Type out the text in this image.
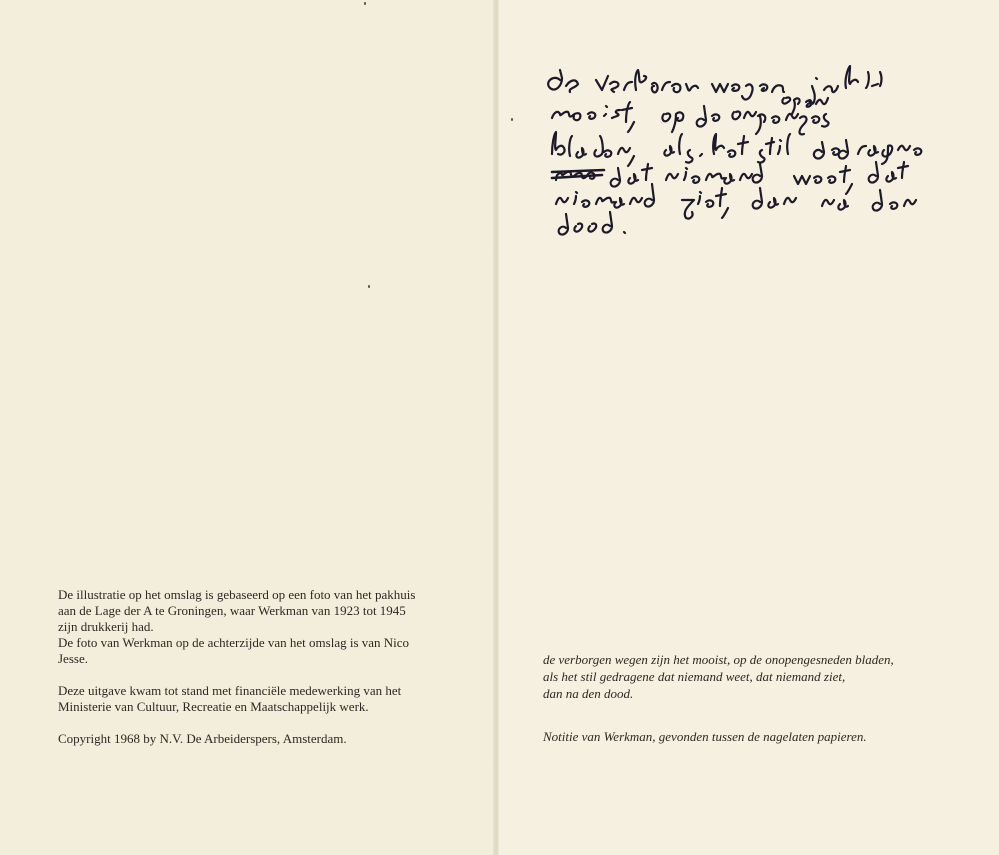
De illustratie op het omslag is gebaseerd op een foto van het pakhuis

aan de Lage der A te Groningen, waar Werkman van 1923 tot 1945

zijn drukkerij had.

De foto van Werkman op de achterzijde van het omslag is van Nico

Jesse.

Deze uitgave kwam tot stand met financiële medewerking van het

Ministerie van Cultuur, Recreatie en Maatschappelijk werk.

Copyright 1968 by N.V. De Arbeiderspers, Amsterdam.

de verborgen wegen zijn het mooist, op de onopengesneden bladen,

als het stil gedragene dat niemand weet, dat niemand ziet,

dan na den dood.

Notitie van Werkman, gevonden tussen de nagelaten papieren.
